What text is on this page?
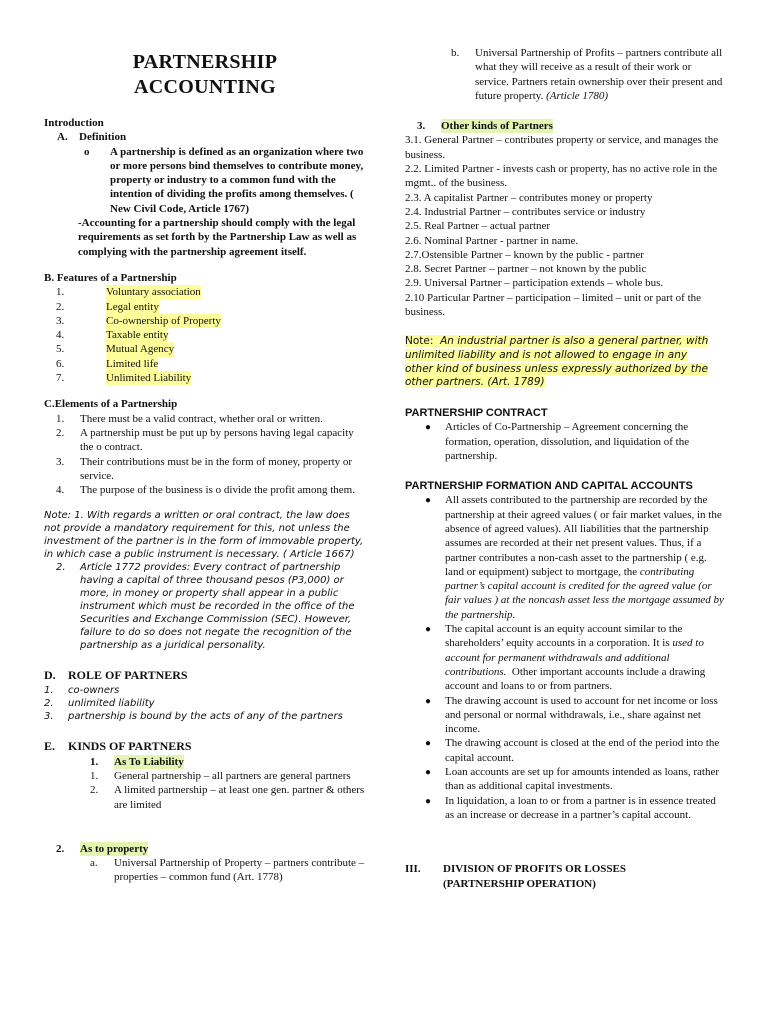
PARTNERSHIP
ACCOUNTING
Introduction
A.	Definition
o	A partnership is defined as an organization where two or more persons bind themselves to contribute money, property or industry to a common fund with the intention of dividing the profits among themselves. ( New Civil Code, Article 1767)
-Accounting for a partnership should comply with the legal requirements as set forth by the Partnership Law as well as complying with the partnership agreement itself.
B. Features of a Partnership
1.	Voluntary association
2.	Legal entity
3.	Co-ownership of Property
4.	Taxable entity
5.	Mutual Agency
6.	Limited life
7.	Unlimited Liability
C.Elements of a Partnership
1.	There must be a valid contract, whether oral or written.
2.	A partnership must be put up by persons having legal capacity the o contract.
3.	Their contributions must be in the form of money, property or service.
4.	The purpose of the business is o divide the profit among them.
Note: 1. With regards a written or oral contract, the law does not provide a mandatory requirement for this, not unless the investment of the partner is in the form of immovable property, in which case a public instrument is necessary. ( Article 1667)
2.	Article 1772 provides: Every contract of partnership having a capital of three thousand pesos (P3,000) or more, in money or property shall appear in a public instrument which must be recorded in the office of the Securities and Exchange Commission (SEC). However, failure to do so does not negate the recognition of the partnership as a juridical personality.
D.	ROLE OF PARTNERS
1.	co-owners
2.	unlimited liability
3.	partnership is bound by the acts of any of the partners
E.	KINDS OF PARTNERS
1.	As To Liability
1.	General partnership – all partners are general partners
2.	A limited partnership – at least one gen. partner & others are limited
2.	As to property
a.	Universal Partnership of Property – partners contribute – properties – common fund (Art. 1778)
b.	Universal Partnership of Profits – partners contribute all what they will receive as a result of their work or service. Partners retain ownership over their present and future property. (Article 1780)
3.	Other kinds of Partners
3.1. General Partner – contributes property or service, and manages the business.
2.2. Limited Partner - invests cash or property, has no active role in the mgmt.. of the business.
2.3. A capitalist Partner – contributes money or property
2.4. Industrial Partner – contributes service or industry
2.5. Real Partner – actual partner
2.6. Nominal Partner - partner in name.
2.7.Ostensible Partner – known by the public - partner
2.8. Secret Partner – partner – not known by the public
2.9. Universal Partner – participation extends – whole bus.
2.10 Particular Partner – participation – limited – unit or part of the business.
Note: An industrial partner is also a general partner, with unlimited liability and is not allowed to engage in any other kind of business unless expressly authorized by the other partners. (Art. 1789)
PARTNERSHIP CONTRACT
●	Articles of Co-Partnership – Agreement concerning the formation, operation, dissolution, and liquidation of the partnership.
PARTNERSHIP FORMATION AND CAPITAL ACCOUNTS
●	All assets contributed to the partnership are recorded by the partnership at their agreed values ( or fair market values, in the absence of agreed values). All liabilities that the partnership assumes are recorded at their net present values. Thus, if a partner contributes a non-cash asset to the partnership ( e.g. land or equipment) subject to mortgage, the contributing partner’s capital account is credited for the agreed value (or fair values ) at the noncash asset less the mortgage assumed by the partnership.
●	The capital account is an equity account similar to the shareholders’ equity accounts in a corporation. It is used to account for permanent withdrawals and additional contributions. Other important accounts include a drawing account and loans to or from partners.
●	The drawing account is used to account for net income or loss and personal or normal withdrawals, i.e., share against net income.
●	The drawing account is closed at the end of the period into the capital account.
●	Loan accounts are set up for amounts intended as loans, rather than as additional capital investments.
●	In liquidation, a loan to or from a partner is in essence treated as an increase or decrease in a partner’s capital account.
III.	DIVISION OF PROFITS OR LOSSES
(PARTNERSHIP OPERATION)
